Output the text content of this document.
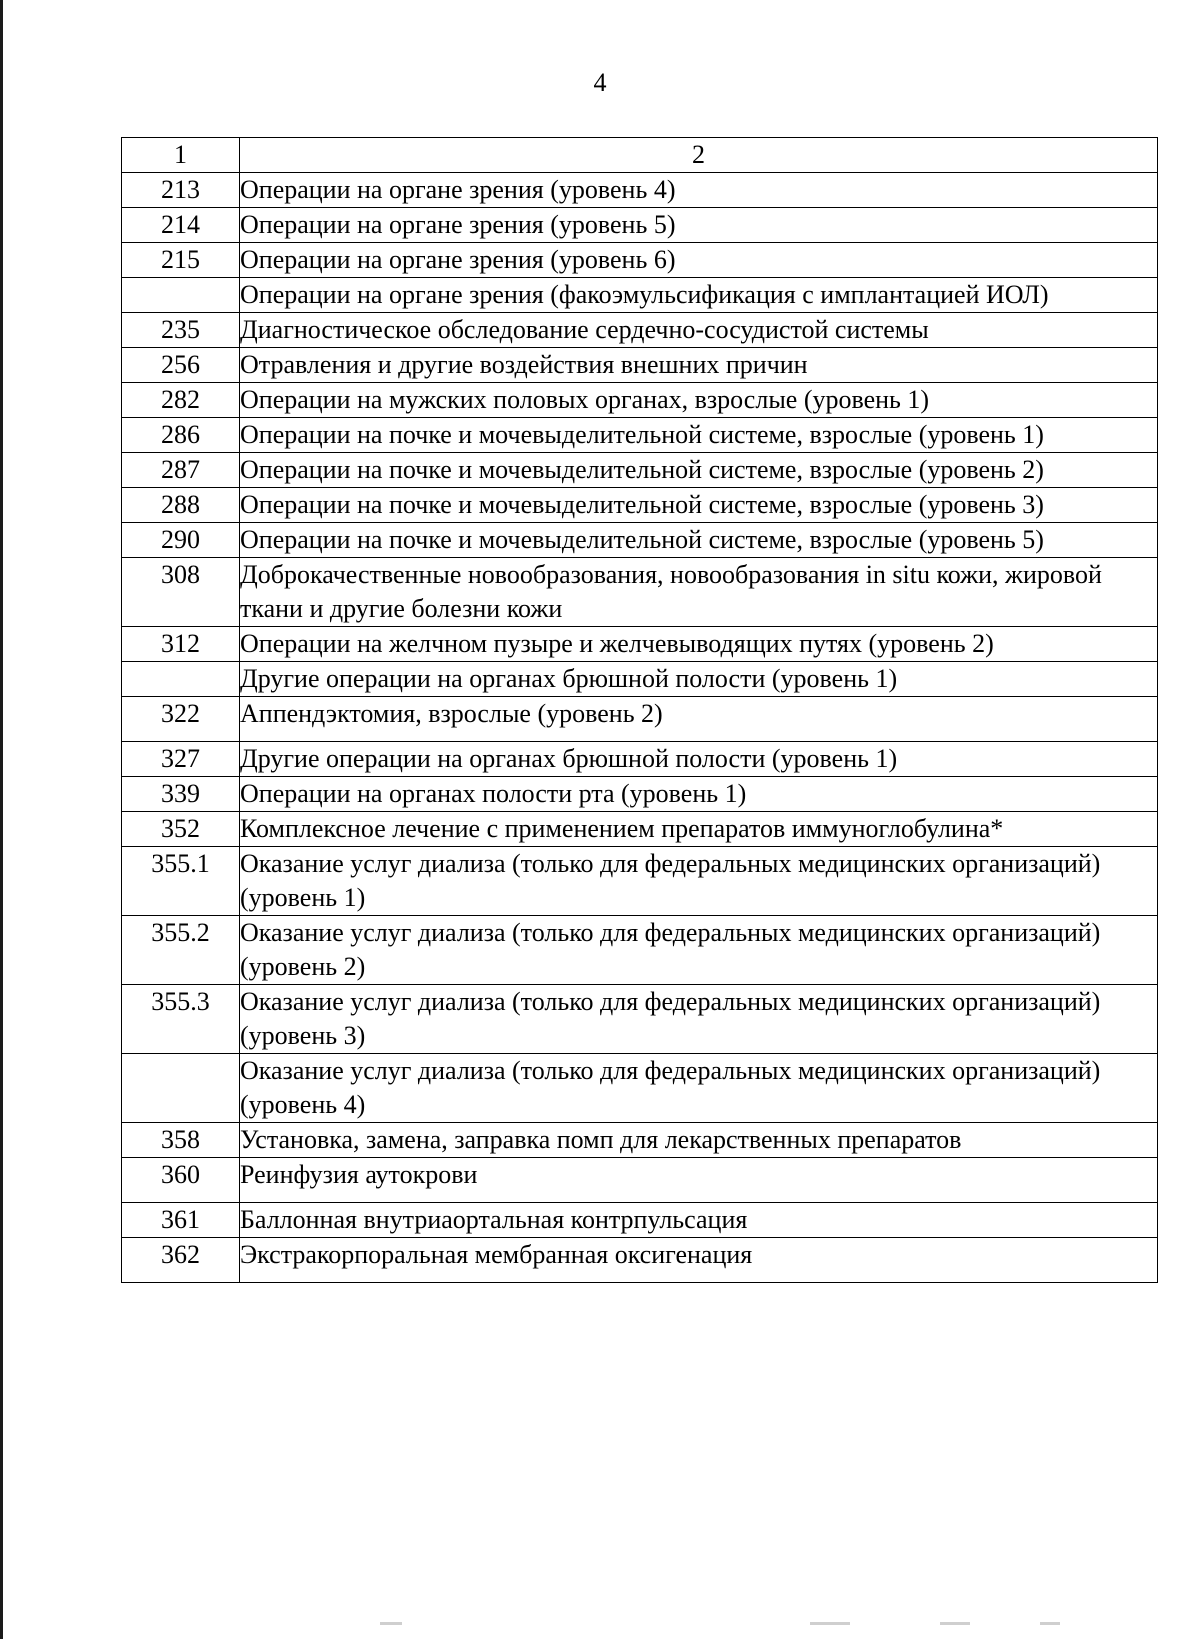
4
1	2
213	Операции на органе зрения (уровень 4)
214	Операции на органе зрения (уровень 5)
215	Операции на органе зрения (уровень 6)
	Операции на органе зрения (факоэмульсификация с имплантацией ИОЛ)
235	Диагностическое обследование сердечно-сосудистой системы
256	Отравления и другие воздействия внешних причин
282	Операции на мужских половых органах, взрослые (уровень 1)
286	Операции на почке и мочевыделительной системе, взрослые (уровень 1)
287	Операции на почке и мочевыделительной системе, взрослые (уровень 2)
288	Операции на почке и мочевыделительной системе, взрослые (уровень 3)
290	Операции на почке и мочевыделительной системе, взрослые (уровень 5)
308	Доброкачественные новообразования, новообразования in situ кожи, жировой ткани и другие болезни кожи
312	Операции на желчном пузыре и желчевыводящих путях (уровень 2)
	Другие операции на органах брюшной полости (уровень 1)
322	Аппендэктомия, взрослые (уровень 2)
327	Другие операции на органах брюшной полости (уровень 1)
339	Операции на органах полости рта (уровень 1)
352	Комплексное лечение с применением препаратов иммуноглобулина*
355.1	Оказание услуг диализа (только для федеральных медицинских организаций) (уровень 1)
355.2	Оказание услуг диализа (только для федеральных медицинских организаций) (уровень 2)
355.3	Оказание услуг диализа (только для федеральных медицинских организаций) (уровень 3)
	Оказание услуг диализа (только для федеральных медицинских организаций) (уровень 4)
358	Установка, замена, заправка помп для лекарственных препаратов
360	Реинфузия аутокрови
361	Баллонная внутриаортальная контрпульсация
362	Экстракорпоральная мембранная оксигенация
